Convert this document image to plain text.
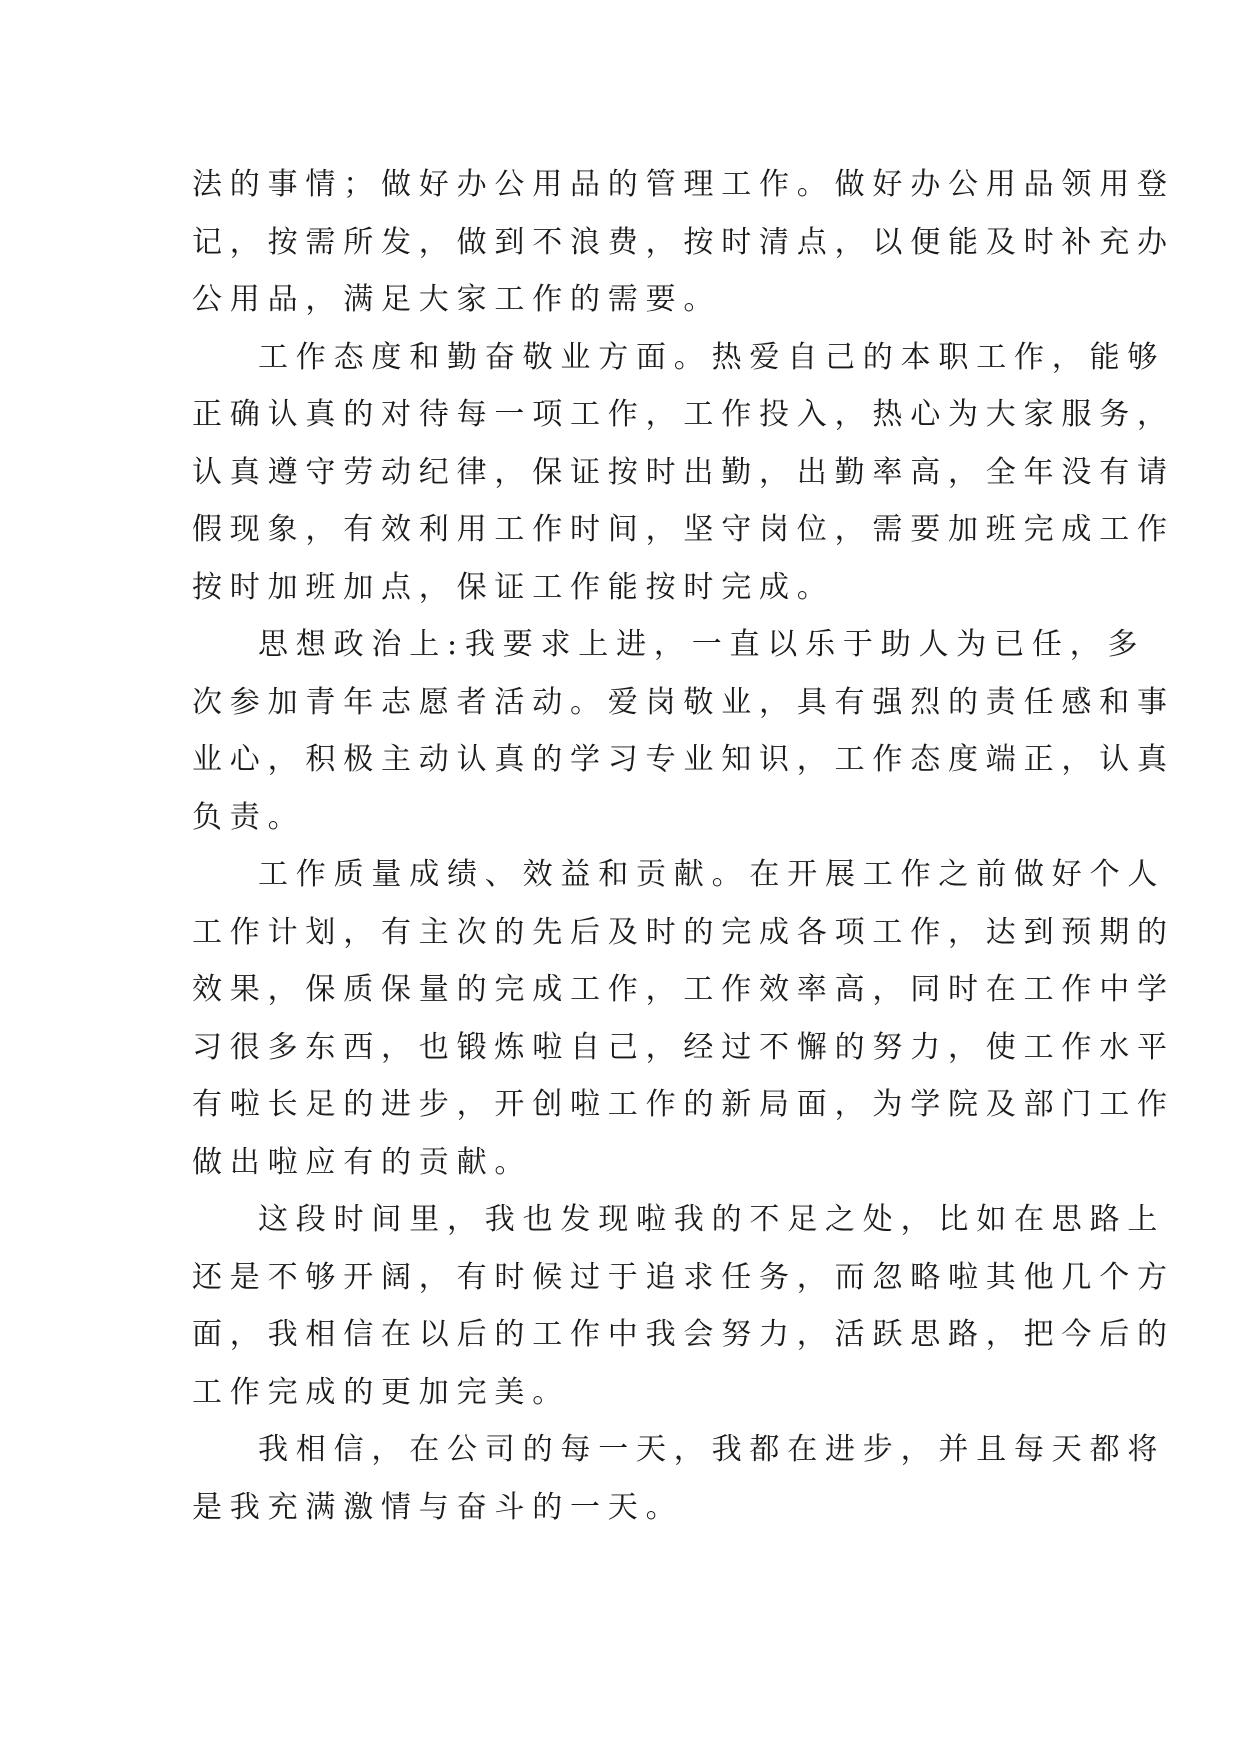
法的事情；做好办公用品的管理工作。做好办公用品领用登
记，按需所发，做到不浪费，按时清点，以便能及时补充办
公用品，满足大家工作的需要。
工作态度和勤奋敬业方面。热爱自己的本职工作，能够
正确认真的对待每一项工作，工作投入，热心为大家服务，
认真遵守劳动纪律，保证按时出勤，出勤率高，全年没有请
假现象，有效利用工作时间，坚守岗位，需要加班完成工作
按时加班加点，保证工作能按时完成。
思想政治上:我要求上进，一直以乐于助人为已任，多
次参加青年志愿者活动。爱岗敬业，具有强烈的责任感和事
业心，积极主动认真的学习专业知识，工作态度端正，认真
负责。
工作质量成绩、效益和贡献。在开展工作之前做好个人
工作计划，有主次的先后及时的完成各项工作，达到预期的
效果，保质保量的完成工作，工作效率高，同时在工作中学
习很多东西，也锻炼啦自己，经过不懈的努力，使工作水平
有啦长足的进步，开创啦工作的新局面，为学院及部门工作
做出啦应有的贡献。
这段时间里，我也发现啦我的不足之处，比如在思路上
还是不够开阔，有时候过于追求任务，而忽略啦其他几个方
面，我相信在以后的工作中我会努力，活跃思路，把今后的
工作完成的更加完美。
我相信，在公司的每一天，我都在进步，并且每天都将
是我充满激情与奋斗的一天。
